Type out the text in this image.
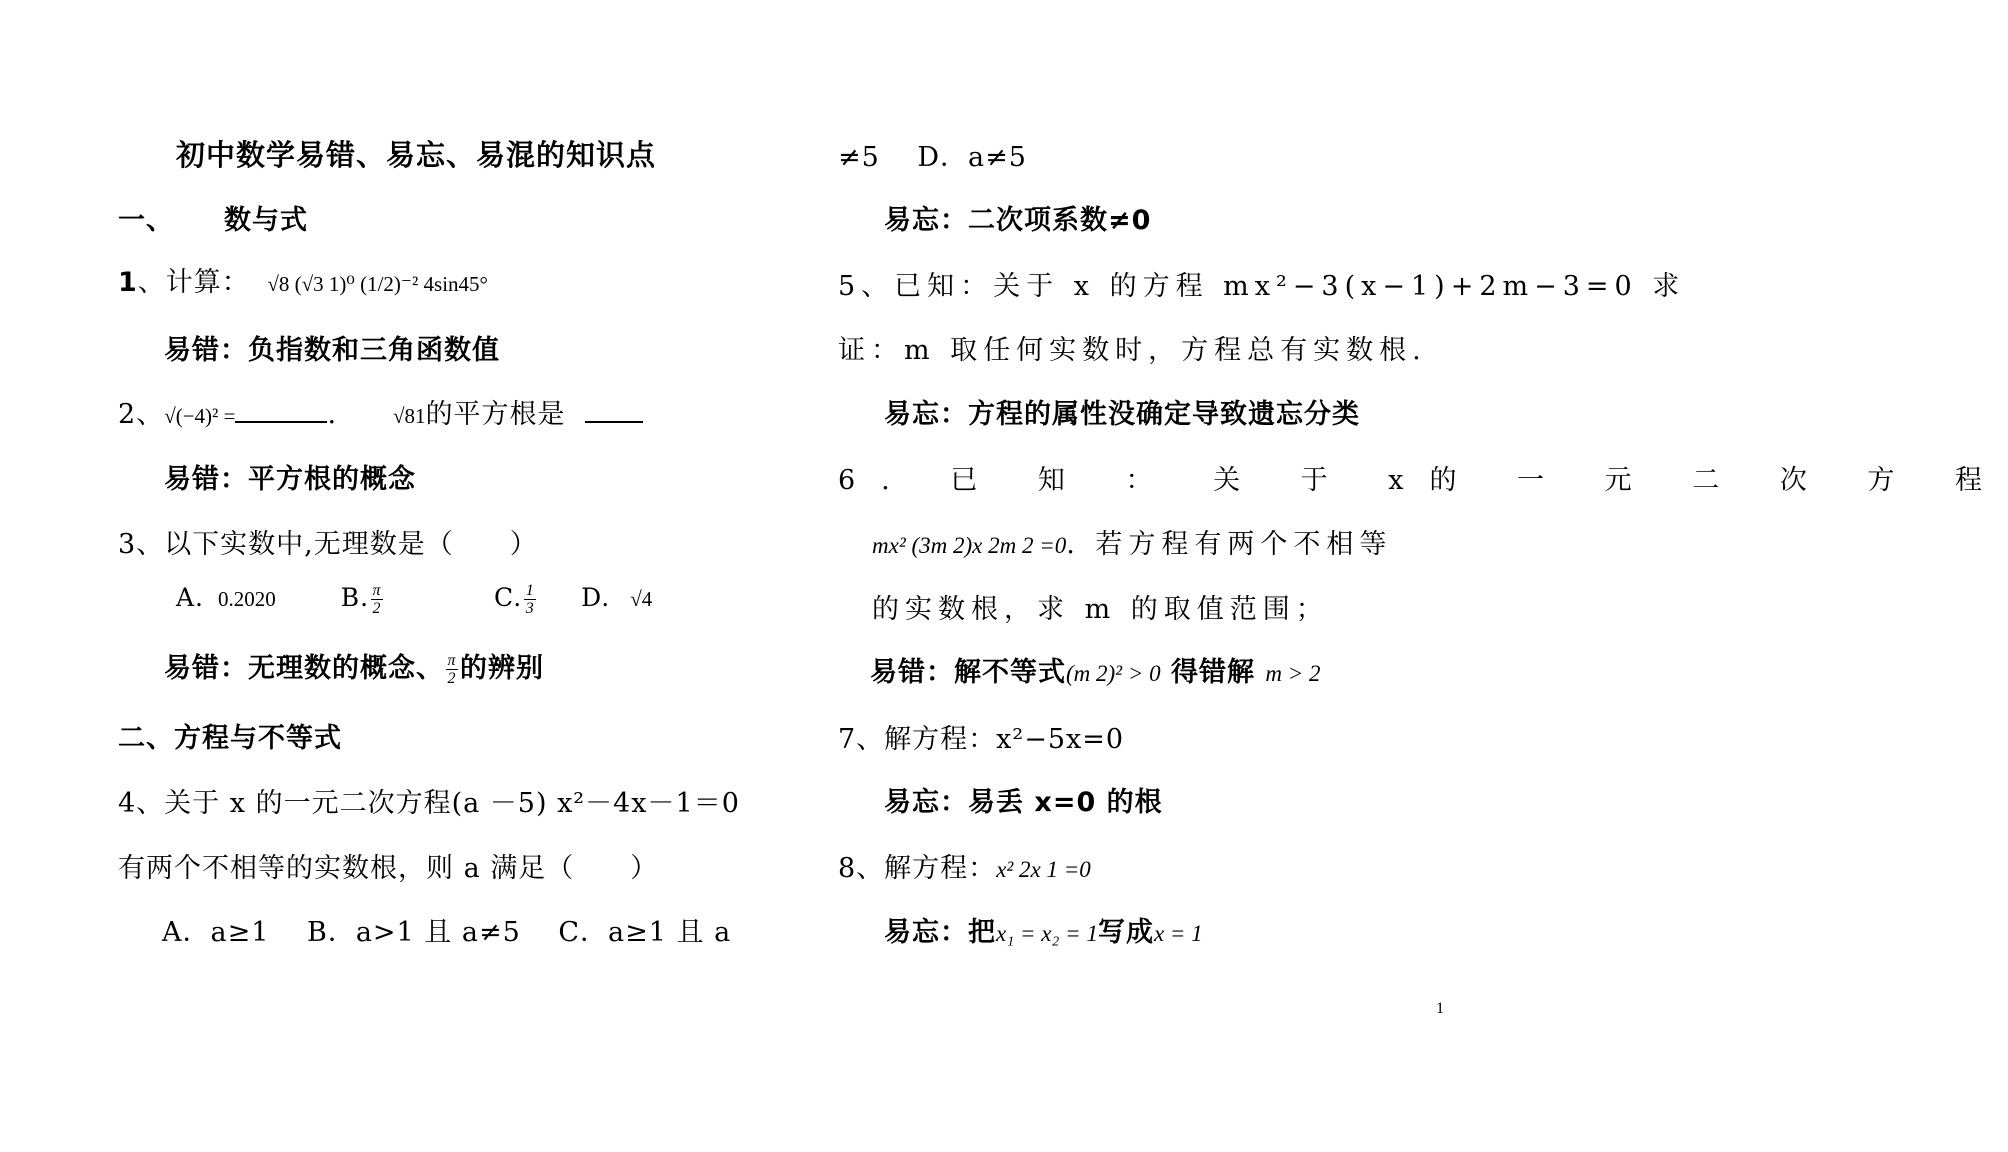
初中数学易错、易忘、易混的知识点
一、 数与式
1、计算： √8 (√3 1)⁰ (1/2)⁻² 4sin45°
易错：负指数和三角函数值
2、√(−4)² =	.	√81的平方根是
易错：平方根的概念
3、以下实数中,无理数是（　　）
A. 0.2020	B. $\frac{\pi}{2}$	C. $\frac{1}{3} D$. √4
易错：无理数的概念、 $\frac{\pi}{2}$ 的辨别
二、方程与不等式
4、关于 x 的一元二次方程(a －5) x²－4x－1＝0
有两个不相等的实数根，则 a 满足（　　）
A．a≥1　 B．a>1 且 a≠5　 C．a≥1 且 a
≠5　 D．a≠5
易忘：二次项系数≠0
5、已知：关于 x 的方程 mx²−3(x−1)+2m−3=0 求
证：m 取任何实数时，方程总有实数根.
易忘：方程的属性没确定导致遗忘分类
6. 已 知 ： 关 于 x的 一 元 二 次 方 程
mx² (3m 2)x 2m 2 =0. 若方程有两个不相等
的实数根，求 m 的取值范围；
易错：解不等式(m 2)² > 0 得错解 m > 2
7、解方程：x²−5x=0
易忘：易丢 x=0 的根
8、解方程：x² 2x 1 =0
易忘：把x₁ = x₂ = 1写成x = 1
1
